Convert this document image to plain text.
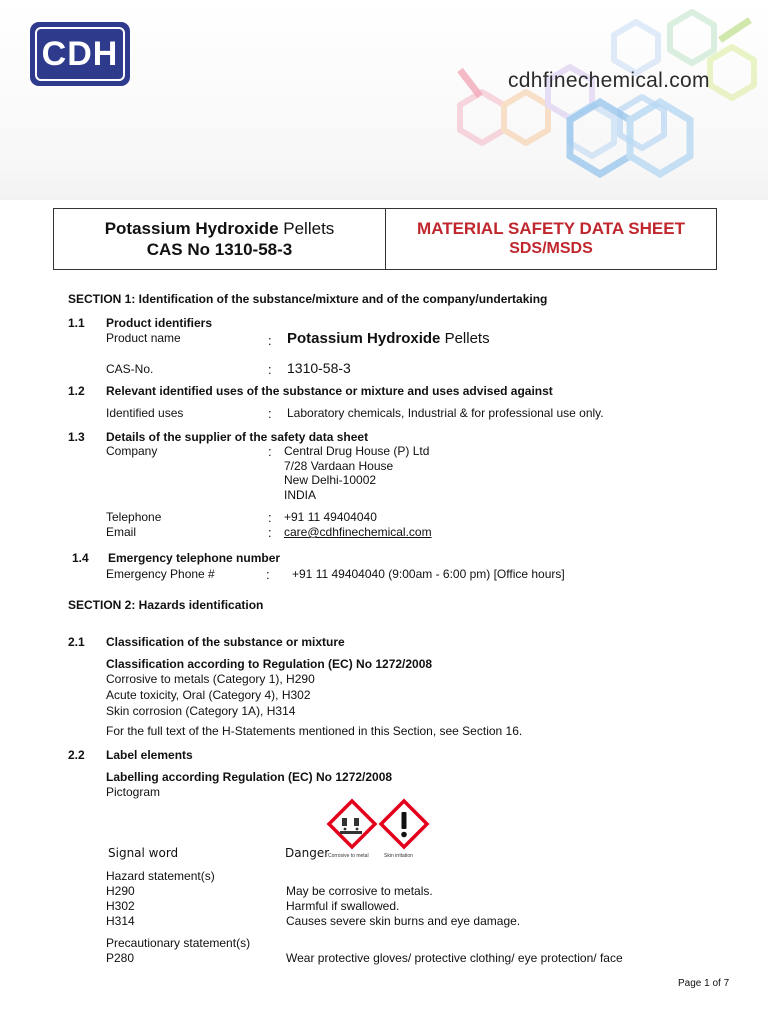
CDH
cdhfinechemical.com
Potassium Hydroxide Pellets
CAS No 1310-58-3
MATERIAL SAFETY DATA SHEET
SDS/MSDS
SECTION 1: Identification of the substance/mixture and of the company/undertaking
1.1 Product identifiers
Product name	: Potassium Hydroxide Pellets
CAS-No.	: 1310-58-3
1.2 Relevant identified uses of the substance or mixture and uses advised against
Identified uses	: Laboratory chemicals, Industrial & for professional use only.
1.3 Details of the supplier of the safety data sheet
Company	: Central Drug House (P) Ltd
7/28 Vardaan House
New Delhi-10002
INDIA
Telephone	: +91 11 49404040
Email	: care@cdhfinechemical.com
1.4 Emergency telephone number
Emergency Phone #	: +91 11 49404040 (9:00am - 6:00 pm) [Office hours]
SECTION 2: Hazards identification
2.1 Classification of the substance or mixture
Classification according to Regulation (EC) No 1272/2008
Corrosive to metals (Category 1), H290
Acute toxicity, Oral (Category 4), H302
Skin corrosion (Category 1A), H314
For the full text of the H-Statements mentioned in this Section, see Section 16.
2.2 Label elements
Labelling according Regulation (EC) No 1272/2008
Pictogram
Signal word	Danger
Corrosive to metal	Skin irritation
Hazard statement(s)
H290	May be corrosive to metals.
H302	Harmful if swallowed.
H314	Causes severe skin burns and eye damage.
Precautionary statement(s)
P280	Wear protective gloves/ protective clothing/ eye protection/ face
Page 1 of 7
